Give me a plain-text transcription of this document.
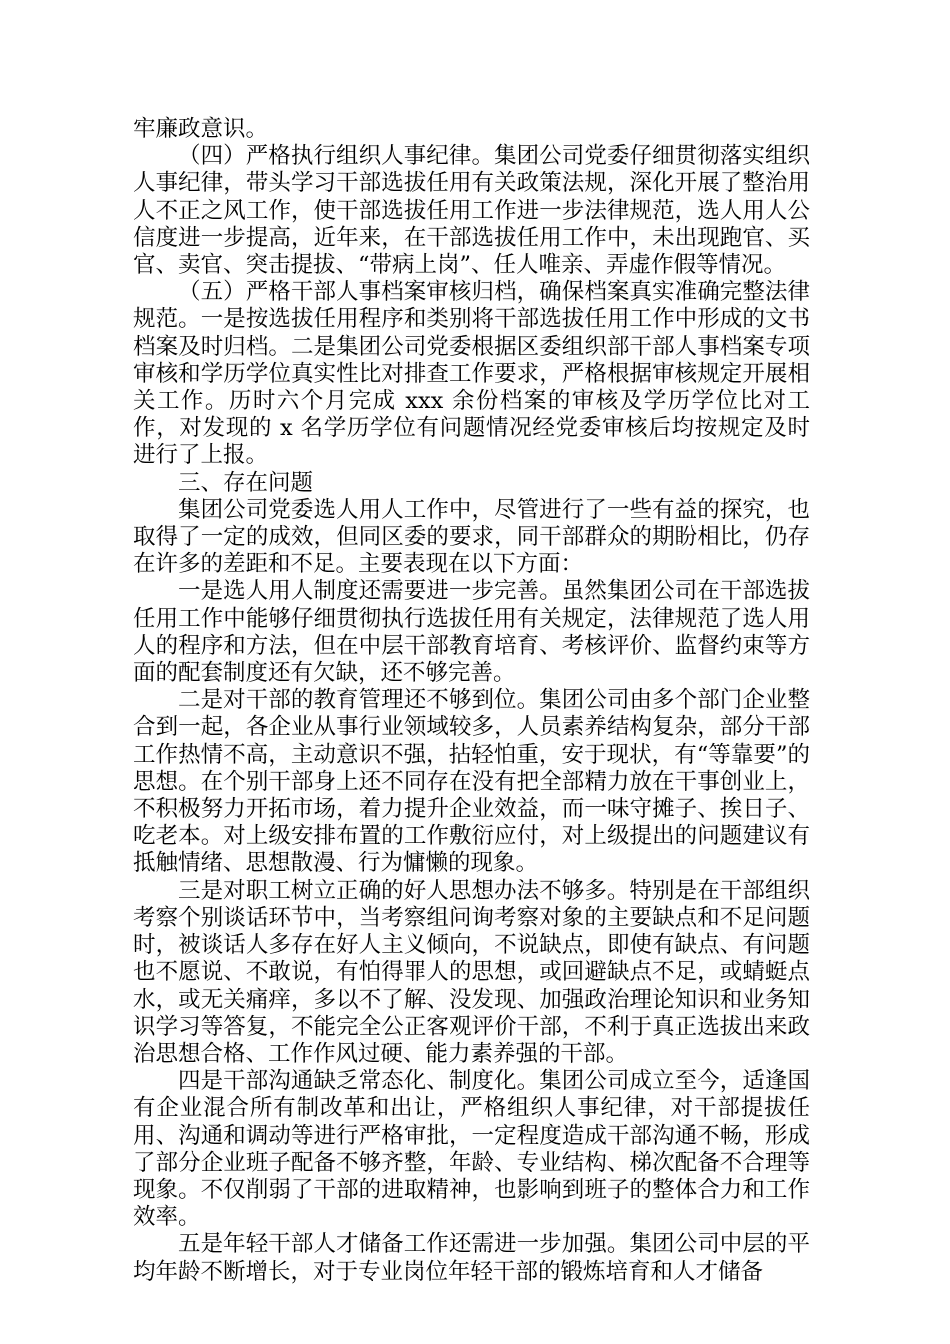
牢廉政意识。

（四）严格执行组织人事纪律。集团公司党委仔细贯彻落实组织人事纪律，带头学习干部选拔任用有关政策法规，深化开展了整治用人不正之风工作，使干部选拔任用工作进一步法律规范，选人用人公信度进一步提高，近年来，在干部选拔任用工作中，未出现跑官、买官、卖官、突击提拔、“带病上岗”、任人唯亲、弄虚作假等情况。

（五）严格干部人事档案审核归档，确保档案真实准确完整法律规范。一是按选拔任用程序和类别将干部选拔任用工作中形成的文书档案及时归档。二是集团公司党委根据区委组织部干部人事档案专项审核和学历学位真实性比对排查工作要求，严格根据审核规定开展相关工作。历时六个月完成 xxx 余份档案的审核及学历学位比对工作，对发现的 x 名学历学位有问题情况经党委审核后均按规定及时进行了上报。

三、存在问题

集团公司党委选人用人工作中，尽管进行了一些有益的探究，也取得了一定的成效，但同区委的要求，同干部群众的期盼相比，仍存在许多的差距和不足。主要表现在以下方面：

一是选人用人制度还需要进一步完善。虽然集团公司在干部选拔任用工作中能够仔细贯彻执行选拔任用有关规定，法律规范了选人用人的程序和方法，但在中层干部教育培育、考核评价、监督约束等方面的配套制度还有欠缺，还不够完善。

二是对干部的教育管理还不够到位。集团公司由多个部门企业整合到一起，各企业从事行业领域较多，人员素养结构复杂，部分干部工作热情不高，主动意识不强，拈轻怕重，安于现状，有“等靠要”的思想。在个别干部身上还不同存在没有把全部精力放在干事创业上，不积极努力开拓市场，着力提升企业效益，而一味守摊子、挨日子、吃老本。对上级安排布置的工作敷衍应付，对上级提出的问题建议有抵触情绪、思想散漫、行为慵懒的现象。

三是对职工树立正确的好人思想办法不够多。特别是在干部组织考察个别谈话环节中，当考察组问询考察对象的主要缺点和不足问题时，被谈话人多存在好人主义倾向，不说缺点，即使有缺点、有问题也不愿说、不敢说，有怕得罪人的思想，或回避缺点不足，或蜻蜓点水，或无关痛痒，多以不了解、没发现、加强政治理论知识和业务知识学习等答复，不能完全公正客观评价干部，不利于真正选拔出来政治思想合格、工作作风过硬、能力素养强的干部。

四是干部沟通缺乏常态化、制度化。集团公司成立至今，适逢国有企业混合所有制改革和出让，严格组织人事纪律，对干部提拔任用、沟通和调动等进行严格审批，一定程度造成干部沟通不畅，形成了部分企业班子配备不够齐整，年龄、专业结构、梯次配备不合理等现象。不仅削弱了干部的进取精神，也影响到班子的整体合力和工作效率。

五是年轻干部人才储备工作还需进一步加强。集团公司中层的平均年龄不断增长，对于专业岗位年轻干部的锻炼培育和人才储备
